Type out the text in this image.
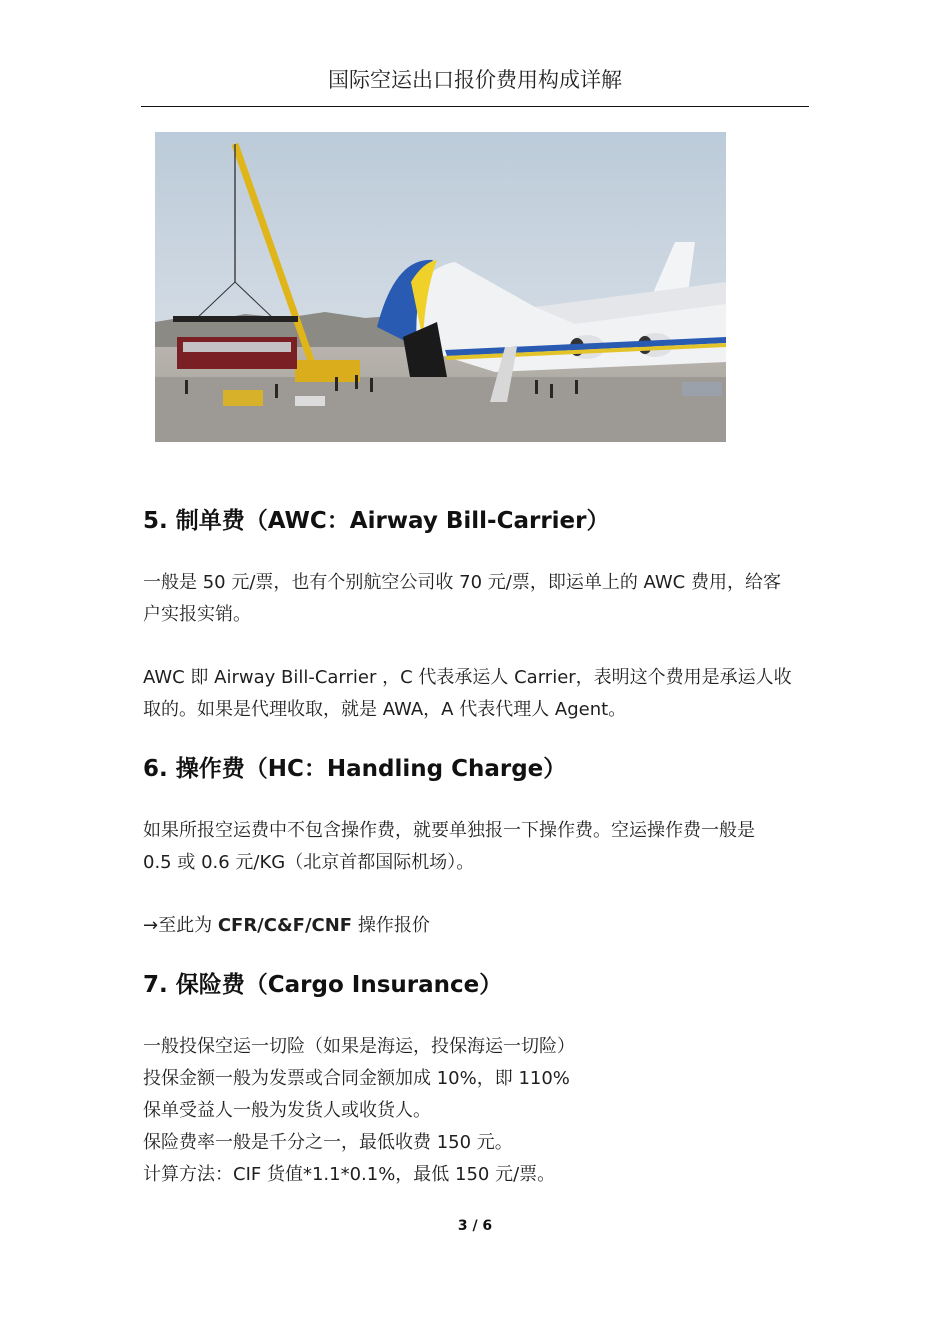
国际空运出口报价费用构成详解
5. 制单费（AWC：Airway Bill-Carrier）
一般是 50 元/票，也有个别航空公司收 70 元/票，即运单上的 AWC 费用，给客
户实报实销。
AWC 即 Airway Bill-Carrier ，C 代表承运人 Carrier，表明这个费用是承运人收
取的。如果是代理收取，就是 AWA，A 代表代理人 Agent。
6. 操作费（HC：Handling Charge）
如果所报空运费中不包含操作费，就要单独报一下操作费。空运操作费一般是
0.5 或 0.6 元/KG（北京首都国际机场）。
→至此为 CFR/C&F/CNF 操作报价
7. 保险费（Cargo Insurance）
一般投保空运一切险（如果是海运，投保海运一切险）
投保金额一般为发票或合同金额加成 10%，即 110%
保单受益人一般为发货人或收货人。
保险费率一般是千分之一，最低收费 150 元。
计算方法：CIF 货值*1.1*0.1%，最低 150 元/票。
3 / 6
